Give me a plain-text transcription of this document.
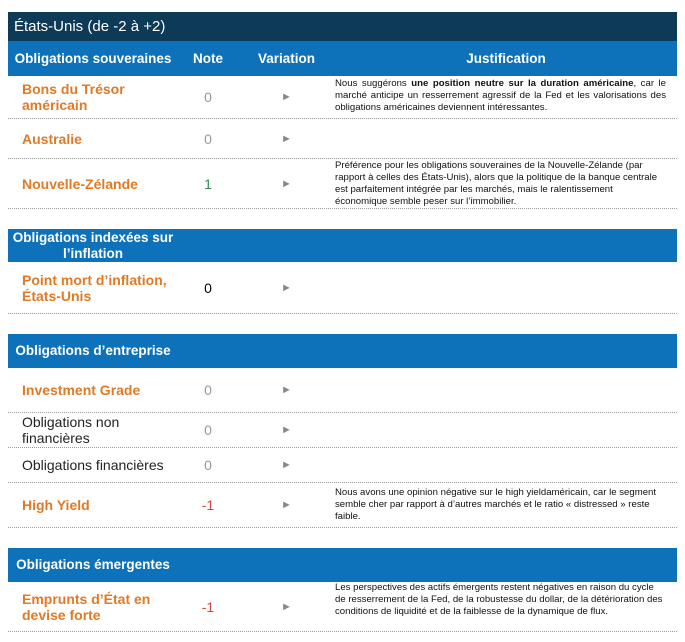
États-Unis (de -2 à +2)
Obligations souveraines	Note	Variation	Justification
Bons du Trésor américain	0	►
Nous suggérons une position neutre sur la duration américaine, car le marché anticipe un resserrement agressif de la Fed et les valorisations des obligations américaines deviennent intéressantes.
Australie	0	►
Nouvelle-Zélande	1	►
Préférence pour les obligations souveraines de la Nouvelle-Zélande (par rapport à celles des États-Unis), alors que la politique de la banque centrale est parfaitement intégrée par les marchés, mais le ralentissement économique semble peser sur l’immobilier.
Obligations indexées sur l’inflation
Point mort d’inflation, États-Unis	0	►
Obligations d’entreprise
Investment Grade	0	►
Obligations non financières	0	►
Obligations financières	0	►
High Yield	-1	►
Nous avons une opinion négative sur le high yieldaméricain, car le segment semble cher par rapport à d’autres marchés et le ratio « distressed » reste faible.
Obligations émergentes
Emprunts d’État en devise forte	-1	►
Les perspectives des actifs émergents restent négatives en raison du cycle de resserrement de la Fed, de la robustesse du dollar, de la détérioration des conditions de liquidité et de la faiblesse de la dynamique de flux.
